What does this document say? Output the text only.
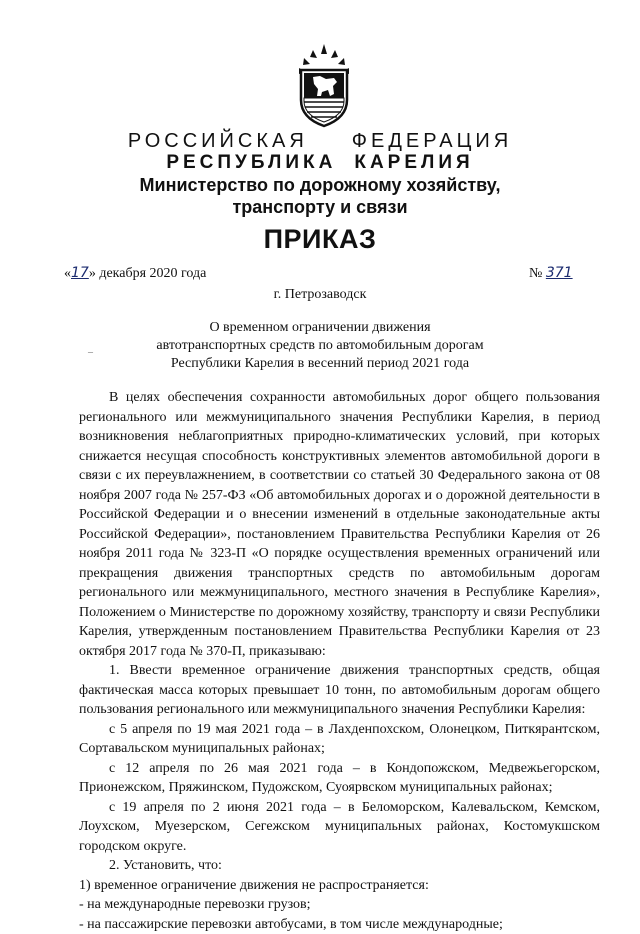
РОССИЙСКАЯ ФЕДЕРАЦИЯ
РЕСПУБЛИКА КАРЕЛИЯ
Министерство по дорожному хозяйству,
транспорту и связи
ПРИКАЗ
«17» декабря 2020 года	№ 371
г. Петрозаводск
О временном ограничении движения
автотранспортных средств по автомобильным дорогам
Республики Карелия в весенний период 2021 года
–

В целях обеспечения сохранности автомобильных дорог общего пользования регионального или межмуниципального значения Республики Карелия, в период возникновения неблагоприятных природно-климатических условий, при которых снижается несущая способность конструктивных элементов автомобильной дороги в связи с их переувлажнением, в соответствии со статьей 30 Федерального закона от 08 ноября 2007 года № 257-ФЗ «Об автомобильных дорогах и о дорожной деятельности в Российской Федерации и о внесении изменений в отдельные законодательные акты Российской Федерации», постановлением Правительства Республики Карелия от 26 ноября 2011 года № 323-П «О порядке осуществления временных ограничений или прекращения движения транспортных средств по автомобильным дорогам регионального или межмуниципального, местного значения в Республике Карелия», Положением о Министерстве по дорожному хозяйству, транспорту и связи Республики Карелия, утвержденным постановлением Правительства Республики Карелия от 23 октября 2017 года № 370-П, приказываю:

1. Ввести временное ограничение движения транспортных средств, общая фактическая масса которых превышает 10 тонн, по автомобильным дорогам общего пользования регионального или межмуниципального значения Республики Карелия:

с 5 апреля по 19 мая 2021 года – в Лахденпохском, Олонецком, Питкярантском, Сортавальском муниципальных районах;

с 12 апреля по 26 мая 2021 года – в Кондопожском, Медвежьегорском, Прионежском, Пряжинском, Пудожском, Суоярвском муниципальных районах;

с 19 апреля по 2 июня 2021 года – в Беломорском, Калевальском, Кемском, Лоухском, Муезерском, Сегежском муниципальных районах, Костомукшском городском округе.

2. Установить, что:

1) временное ограничение движения не распространяется:

- на международные перевозки грузов;

- на пассажирские перевозки автобусами, в том числе международные;
